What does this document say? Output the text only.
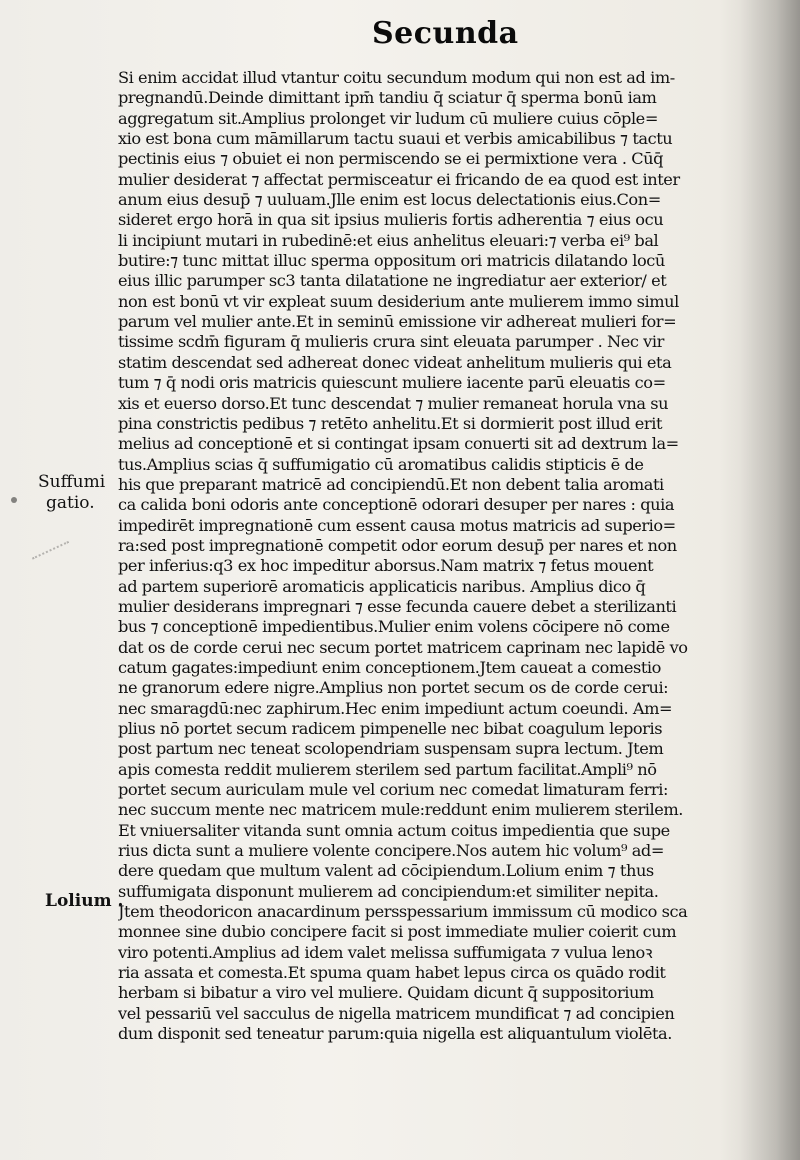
Secunda
Suffumi
gatio.
Lolium .
Si enim accidat illud vtantur coitu secundum modum qui non est ad im-
pregnandū.Deinde dimittant ipm̄ tandiu q̄ sciatur q̄ sperma bonū iam
aggregatum sit.Amplius prolonget vir ludum cū muliere cuius cōple=
xio est bona cum māmillarum tactu suaui et verbis amicabilibus ⁊ tactu
pectinis eius ⁊ obuiet ei non permiscendo se ei permixtione vera . Cūq̄
mulier desiderat ⁊ affectat permisceatur ei fricando de ea quod est inter
anum eius desup̄ ⁊ uuluam.Jlle enim est locus delectationis eius.Con=
sideret ergo horā in qua sit ipsius mulieris fortis adherentia ⁊ eius ocu
li incipiunt mutari in rubedinē:et eius anhelitus eleuari:⁊ verba ei⁹ bal
butire:⁊ tunc mittat illuc sperma oppositum ori matricis dilatando locū
eius illic parumper sc3 tanta dilatatione ne ingrediatur aer exterior/ et
non est bonū vt vir expleat suum desiderium ante mulierem immo simul
parum vel mulier ante.Et in seminū emissione vir adhereat mulieri for=
tissime scdm̄ figuram q̄ mulieris crura sint eleuata parumper . Nec vir
statim descendat sed adhereat donec videat anhelitum mulieris qui eta
tum ⁊ q̄ nodi oris matricis quiescunt muliere iacente parū eleuatis co=
xis et euerso dorso.Et tunc descendat ⁊ mulier remaneat horula vna su
pina constrictis pedibus ⁊ retēto anhelitu.Et si dormierit post illud erit
melius ad conceptionē et si contingat ipsam conuerti sit ad dextrum la=
tus.Amplius scias q̄ suffumigatio cū aromatibus calidis stipticis ē de
his que preparant matricē ad concipiendū.Et non debent talia aromati
ca calida boni odoris ante conceptionē odorari desuper per nares : quia
impedirēt impregnationē cum essent causa motus matricis ad superio=
ra:sed post impregnationē competit odor eorum desup̄ per nares et non
per inferius:q3 ex hoc impeditur aborsus.Nam matrix ⁊ fetus mouent
ad partem superiorē aromaticis applicaticis naribus. Amplius dico q̄
mulier desiderans impregnari ⁊ esse fecunda cauere debet a sterilizanti
bus ⁊ conceptionē impedientibus.Mulier enim volens cōcipere nō come
dat os de corde cerui nec secum portet matricem caprinam nec lapidē vo
catum gagates:impediunt enim conceptionem.Jtem caueat a comestio
ne granorum edere nigre.Amplius non portet secum os de corde cerui:
nec smaragdū:nec zaphirum.Hec enim impediunt actum coeundi. Am=
plius nō portet secum radicem pimpenelle nec bibat coagulum leporis
post partum nec teneat scolopendriam suspensam supra lectum. Jtem
apis comesta reddit mulierem sterilem sed partum facilitat.Ampli⁹ nō
portet secum auriculam mule vel corium nec comedat limaturam ferri:
nec succum mente nec matricem mule:reddunt enim mulierem sterilem.
Et vniuersaliter vitanda sunt omnia actum coitus impedientia que supe
rius dicta sunt a muliere volente concipere.Nos autem hic volum⁹ ad=
dere quedam que multum valent ad cōcipiendum.Lolium enim ⁊ thus
suffumigata disponunt mulierem ad concipiendum:et similiter nepita.
Jtem theodoricon anacardinum persspessarium immissum cū modico sca
monnee sine dubio concipere facit si post immediate mulier coierit cum
viro potenti.Amplius ad idem valet melissa suffumigata ⁊ vulua lenoꝛ
ria assata et comesta.Et spuma quam habet lepus circa os quādo rodit
herbam si bibatur a viro vel muliere. Quidam dicunt q̄ suppositorium
vel pessariū vel sacculus de nigella matricem mundificat ⁊ ad concipien
dum disponit sed teneatur parum:quia nigella est aliquantulum violēta.
